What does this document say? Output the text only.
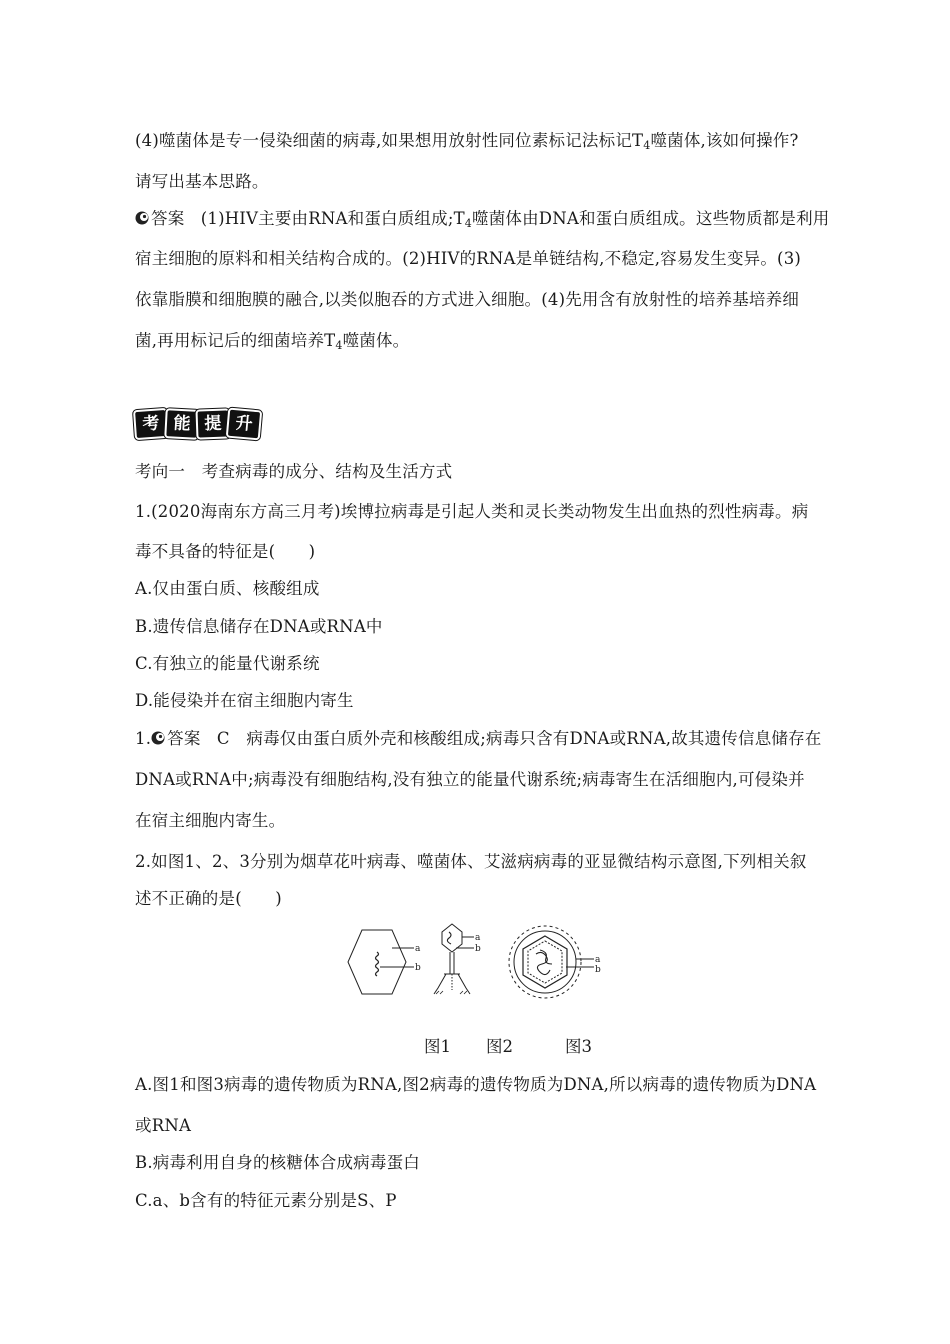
(4)噬菌体是专一侵染细菌的病毒,如果想用放射性同位素标记法标记$T_4$噬菌体,该如何操作?
请写出基本思路。
答案 (1)HIV主要由RNA和蛋白质组成$;T_4$噬菌体由DNA和蛋白质组成。这些物质都是利用
宿主细胞的原料和相关结构合成的。(2)HIV的RNA是单链结构,不稳定,容易发生变异。(3)
依靠脂膜和细胞膜的融合,以类似胞吞的方式进入细胞。(4)先用含有放射性的培养基培养细
菌,再用标记后的细菌培养$T_4$噬菌体。
考 能 提 升
考向一　考查病毒的成分、结构及生活方式
1.(2020海南东方高三月考)埃博拉病毒是引起人类和灵长类动物发生出血热的烈性病毒。病
毒不具备的特征是(　　)
A.仅由蛋白质、核酸组成
B.遗传信息储存在DNA或RNA中
C.有独立的能量代谢系统
D.能侵染并在宿主细胞内寄生
1. 答案 C　病毒仅由蛋白质外壳和核酸组成;病毒只含有DNA或RNA,故其遗传信息储存在
DNA或RNA中;病毒没有细胞结构,没有独立的能量代谢系统;病毒寄生在活细胞内,可侵染并
在宿主细胞内寄生。
2.如图1、2、3分别为烟草花叶病毒、噬菌体、艾滋病病毒的亚显微结构示意图,下列相关叙
述不正确的是(　　)
a
b
a
b
a
b
图1 图2	图3
A.图1和图3病毒的遗传物质为RNA,图2病毒的遗传物质为DNA,所以病毒的遗传物质为DNA
或RNA
B.病毒利用自身的核糖体合成病毒蛋白
C.a、b含有的特征元素分别是S、P
